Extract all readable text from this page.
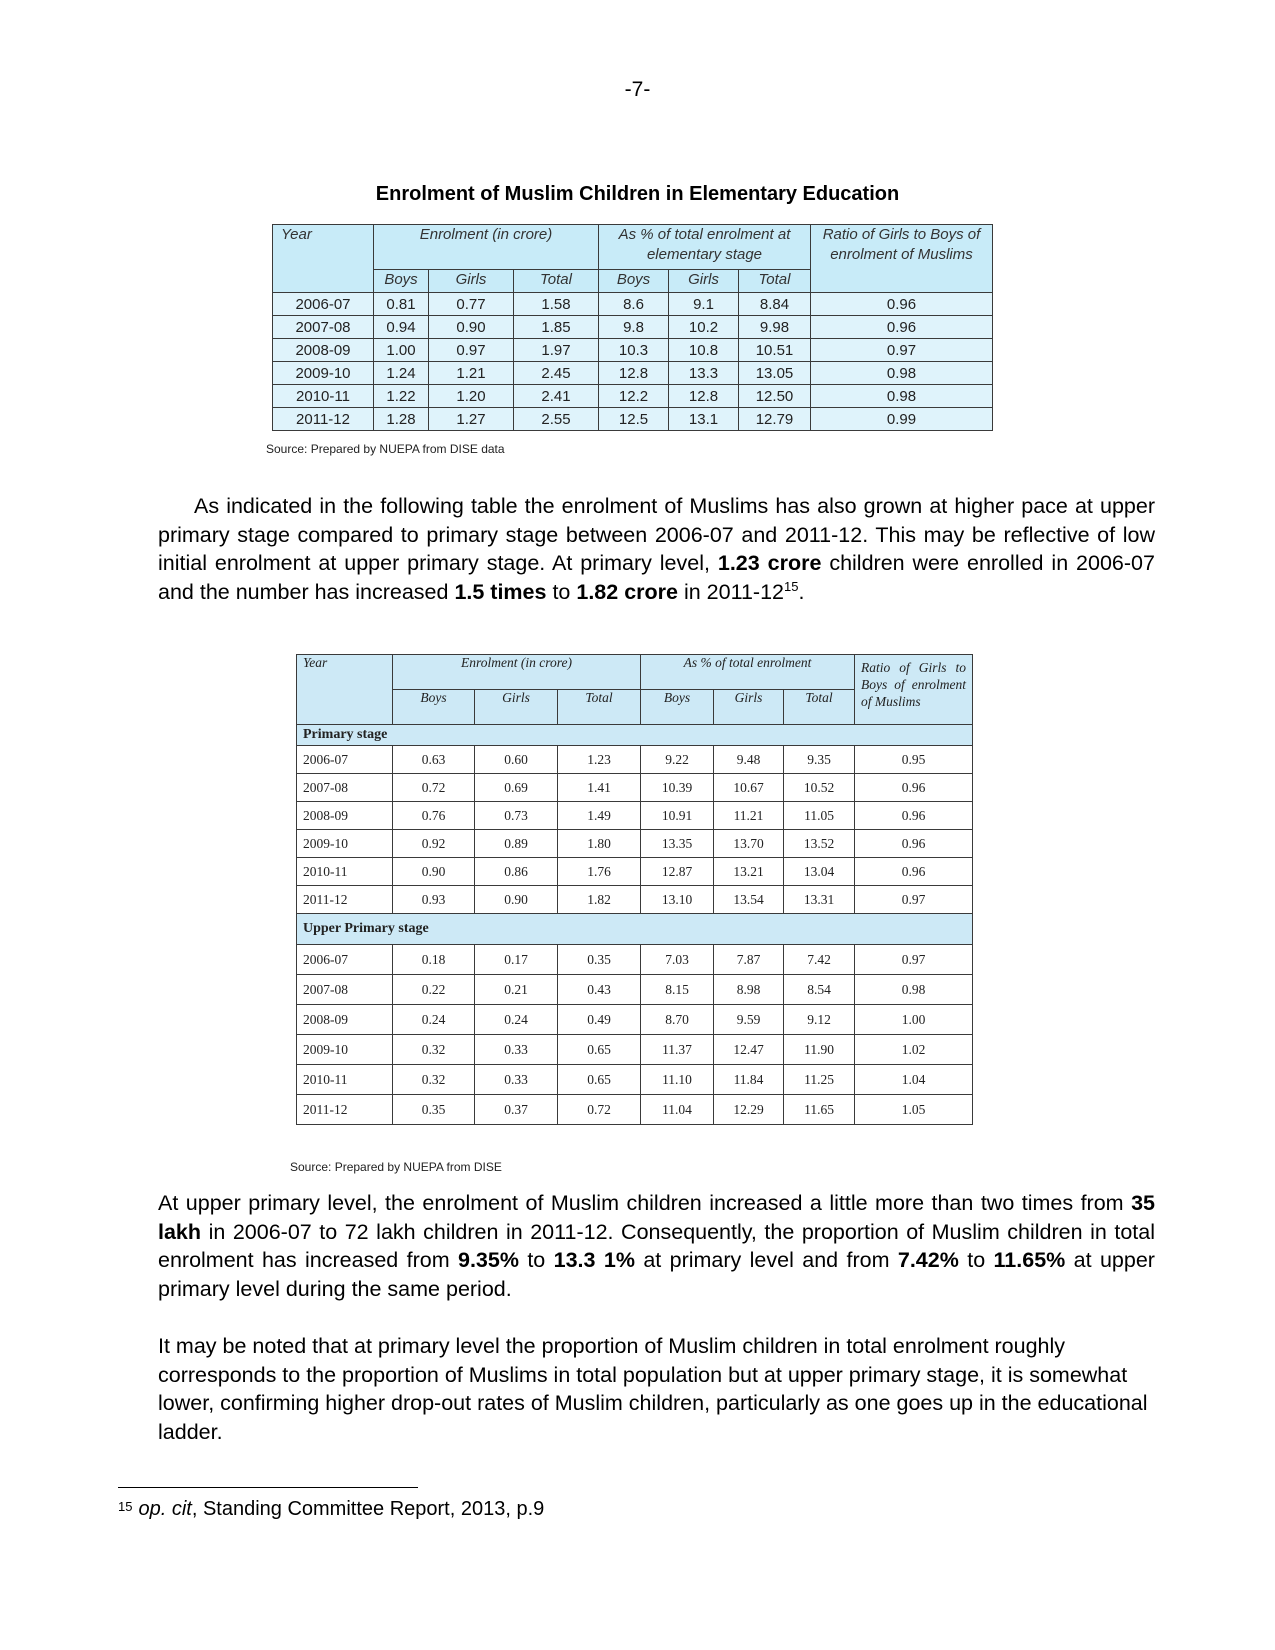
-7-
Enrolment of Muslim Children in Elementary Education
Year	Enrolment (in crore)			As % of total enrolment at elementary stage			Ratio of Girls to Boys of enrolment of Muslims
	Boys	Girls	Total	Boys	Girls	Total	
2006-07	0.81	0.77	1.58	8.6	9.1	8.84	0.96
2007-08	0.94	0.90	1.85	9.8	10.2	9.98	0.96
2008-09	1.00	0.97	1.97	10.3	10.8	10.51	0.97
2009-10	1.24	1.21	2.45	12.8	13.3	13.05	0.98
2010-11	1.22	1.20	2.41	12.2	12.8	12.50	0.98
2011-12	1.28	1.27	2.55	12.5	13.1	12.79	0.99
Source: Prepared by NUEPA from DISE data
As indicated in the following table the enrolment of Muslims has also grown at higher pace at upper primary stage compared to primary stage between 2006-07 and 2011-12. This may be reflective of low initial enrolment at upper primary stage. At primary level, 1.23 crore children were enrolled in 2006-07 and the number has increased 1.5 times to 1.82 crore in $2011-12^{15}$.
Year	Enrolment (in crore)			As % of total enrolment			Ratio of Girls to Boys of enrolment of Muslims
	Boys	Girls	Total	Boys	Girls	Total	
Primary stage							
2006-07	0.63	0.60	1.23	9.22	9.48	9.35	0.95
2007-08	0.72	0.69	1.41	10.39	10.67	10.52	0.96
2008-09	0.76	0.73	1.49	10.91	11.21	11.05	0.96
2009-10	0.92	0.89	1.80	13.35	13.70	13.52	0.96
2010-11	0.90	0.86	1.76	12.87	13.21	13.04	0.96
2011-12	0.93	0.90	1.82	13.10	13.54	13.31	0.97
Upper Primary stage							
2006-07	0.18	0.17	0.35	7.03	7.87	7.42	0.97
2007-08	0.22	0.21	0.43	8.15	8.98	8.54	0.98
2008-09	0.24	0.24	0.49	8.70	9.59	9.12	1.00
2009-10	0.32	0.33	0.65	11.37	12.47	11.90	1.02
2010-11	0.32	0.33	0.65	11.10	11.84	11.25	1.04
2011-12	0.35	0.37	0.72	11.04	12.29	11.65	1.05
Source: Prepared by NUEPA from DISE
At upper primary level, the enrolment of Muslim children increased a little more than two times from 35 lakh in 2006-07 to 72 lakh children in 2011-12. Consequently, the proportion of Muslim children in total enrolment has increased from 9.35% to 13.3 1% at primary level and from 7.42% to 11.65% at upper primary level during the same period.
It may be noted that at primary level the proportion of Muslim children in total enrolment roughly corresponds to the proportion of Muslims in total population but at upper primary stage, it is somewhat lower, confirming higher drop-out rates of Muslim children, particularly as one goes up in the educational ladder.
$^{15}$ op. cit, Standing Committee Report, 2013, p.9
